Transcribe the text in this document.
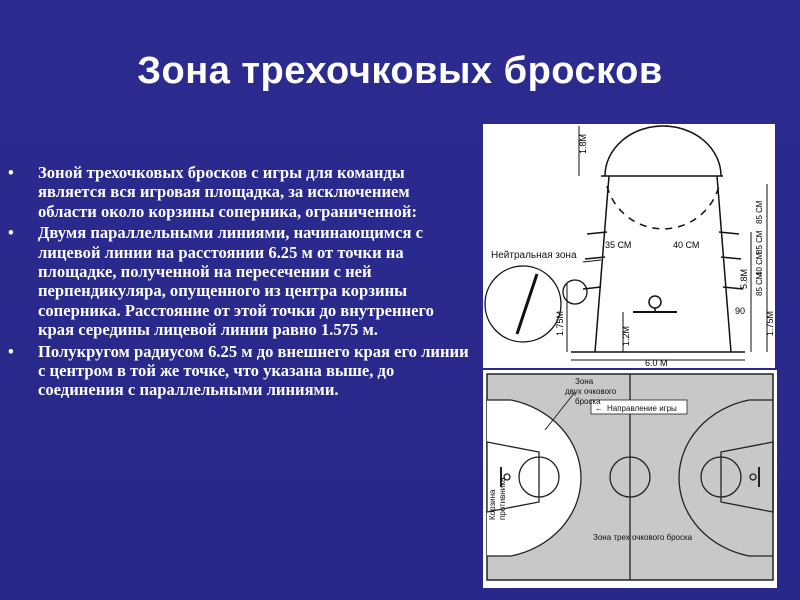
Зона трехочковых бросков
• Зоной трехочковых бросков с игры для команды является вся игровая площадка, за исключением области около корзины соперника, ограниченной:
• Двумя параллельными линиями, начинающимся с лицевой линии на расстоянии 6.25 м от точки на площадке, полученной на пересечении с ней перпендикуляра, опущенного из центра корзины соперника. Расстояние от этой точки до внутреннего края середины лицевой линии равно 1.575 м.
• Полукругом радиусом 6.25 м до внешнего края его линии с центром в той же точке, что указана выше, до соединения с параллельными линиями.
1.8М
Нейтральная зона
35 СМ	40 СМ
85 СМ
85 СМ
40 СМ
85 СМ
5.8М
90
1.75М	1.75М
1.2М
6.0 М
Зона
двух очкового
броска
← Направление игры
Корзина противника
Зона трех очкового броска
